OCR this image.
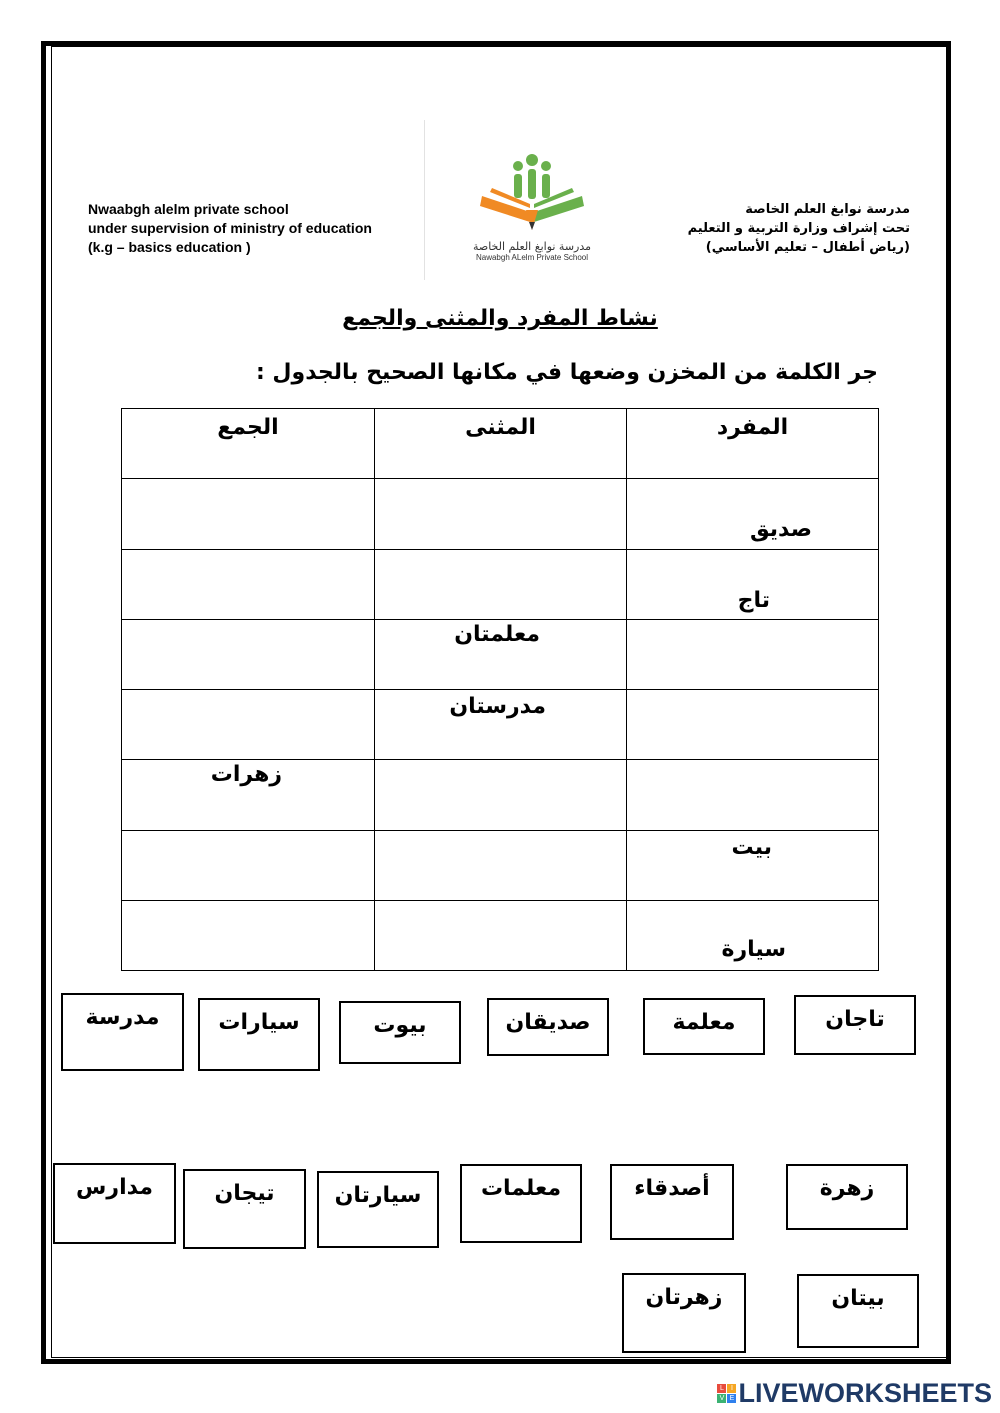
Nwaabgh alelm private school
under supervision of ministry of education
(k.g – basics education )	مدرسة نوابغ العلم الخاصة
Nawabgh ALelm Private School
مدرسة نوابغ العلم الخاصة
تحت إشراف وزارة التربية و التعليم
(رياض أطفال – تعليم الأساسي)
نشاط المفرد والمثنى والجمع
جر الكلمة من المخزن وضعها في مكانها الصحيح بالجدول :
المفرد	المثنى	الجمع

صديق		

تاج		

	معلمتان	

	مدرستان	

		زهرات

بيت		

سيارة		

تاجان
معلمة
صديقان
بيوت
سيارات
مدرسة
زهرة
أصدقاء
معلمات
سيارتان
تيجان
مدارس
بيتان
زهرتان
L	I
V E LIVEWORKSHEETS
